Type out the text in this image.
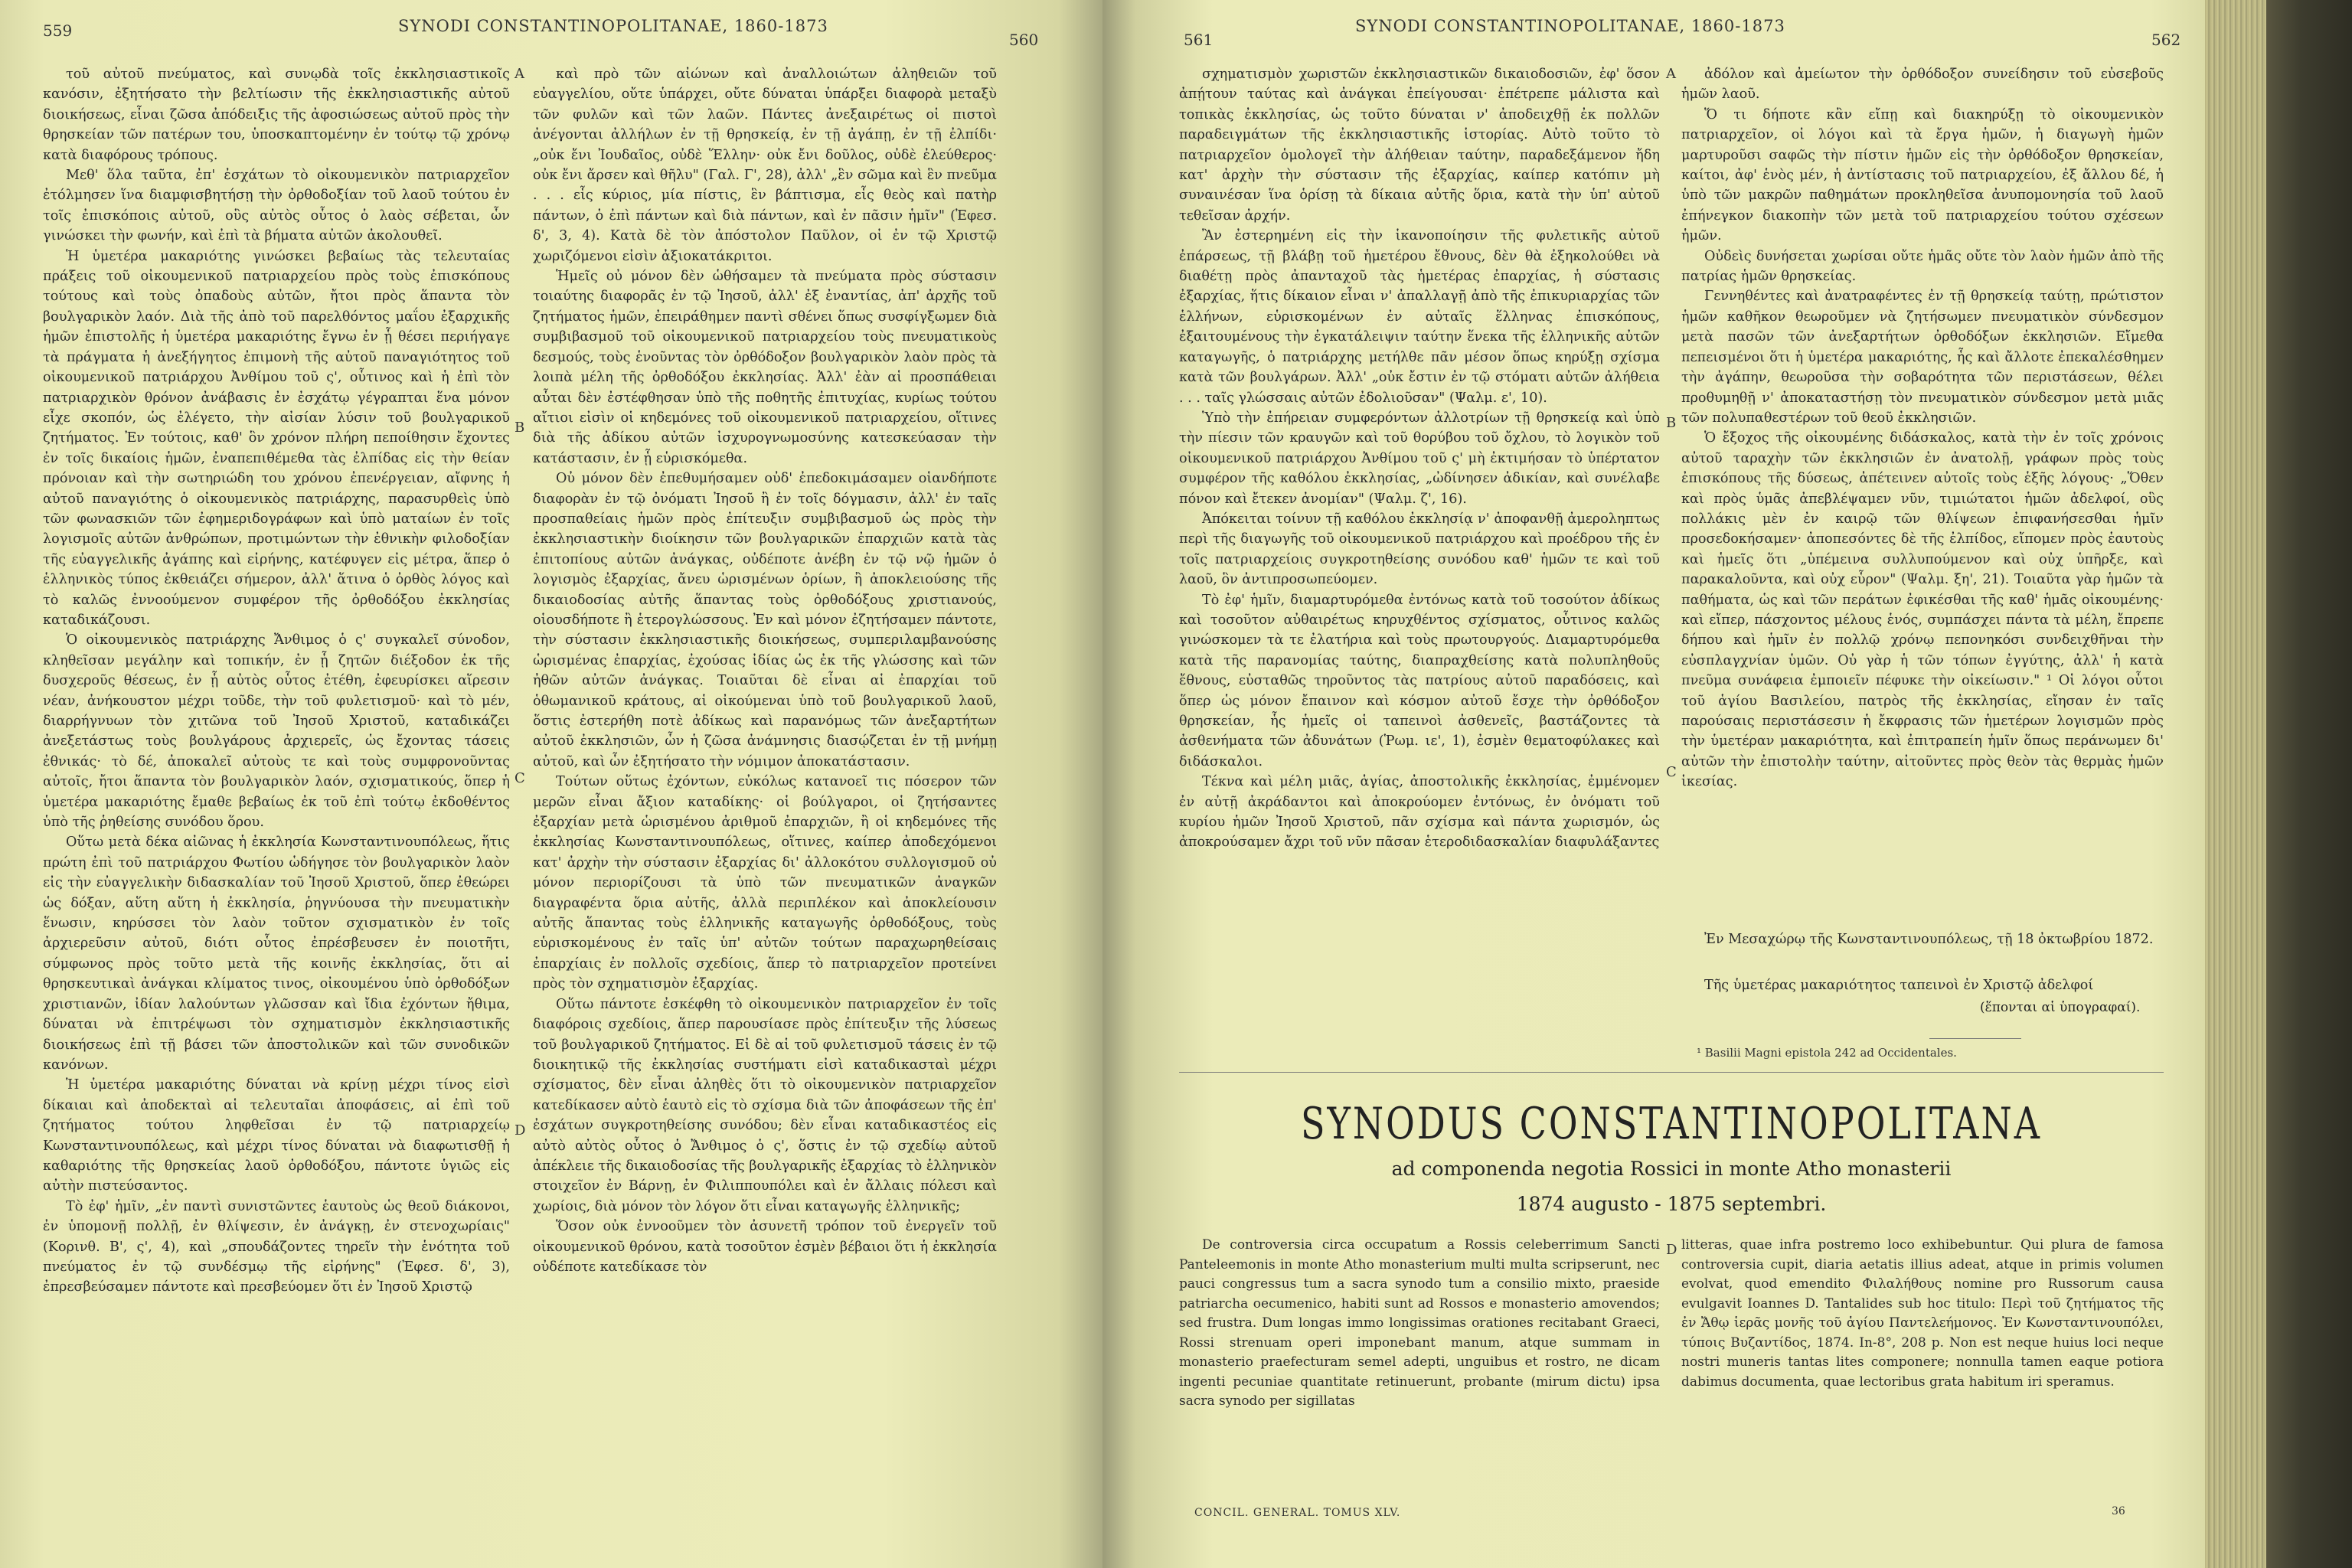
559	SYNODI CONSTANTINOPOLITANAE, 1860-1873
560

τοῦ αὐτοῦ πνεύματος, καὶ συνῳδὰ τοῖς ἐκκλησιαστικοῖς κανόσιν, ἐξητήσατο τὴν βελτίωσιν τῆς ἐκκλησιαστικῆς αὐτοῦ διοικήσεως, εἶναι ζῶσα ἀπόδειξις τῆς ἀφοσιώσεως αὐτοῦ πρὸς τὴν θρησκείαν τῶν πατέρων του, ὑποσκαπτομένην ἐν τούτῳ τῷ χρόνῳ κατὰ διαφόρους τρόπους.

Μεθ' ὅλα ταῦτα, ἐπ' ἐσχάτων τὸ οἰκουμενικὸν πατριαρχεῖον ἐτόλμησεν ἵνα διαμφισβητήσῃ τὴν ὀρθοδοξίαν τοῦ λαοῦ τούτου ἐν τοῖς ἐπισκόποις αὐτοῦ, οὓς αὐτὸς οὗτος ὁ λαὸς σέβεται, ὧν γινώσκει τὴν φωνήν, καὶ ἐπὶ τὰ βήματα αὐτῶν ἀκολουθεῖ.

Ἡ ὑμετέρα μακαριότης γινώσκει βεβαίως τὰς τελευταίας πράξεις τοῦ οἰκουμενικοῦ πατριαρχείου πρὸς τοὺς ἐπισκόπους τούτους καὶ τοὺς ὀπαδοὺς αὐτῶν, ἤτοι πρὸς ἅπαντα τὸν βουλγαρικὸν λαόν. Διὰ τῆς ἀπὸ τοῦ παρελθόντος μαΐου ἐξαρχικῆς ἡμῶν ἐπιστολῆς ἡ ὑμετέρα μακαριότης ἔγνω ἐν ᾗ θέσει περιήγαγε τὰ πράγματα ἡ ἀνεξήγητος ἐπιμονὴ τῆς αὐτοῦ παναγιότητος τοῦ οἰκουμενικοῦ πατριάρχου Ἀνθίμου τοῦ ς', οὗτινος καὶ ἡ ἐπὶ τὸν πατριαρχικὸν θρόνον ἀνάβασις ἐν ἐσχάτῳ γέγραπται ἕνα μόνον εἶχε σκοπόν, ὡς ἐλέγετο, τὴν αἰσίαν λύσιν τοῦ βουλγαρικοῦ ζητήματος. Ἐν τούτοις, καθ' ὃν χρόνον πλήρη πεποίθησιν ἔχοντες ἐν τοῖς δικαίοις ἡμῶν, ἐναπεπιθέμεθα τὰς ἐλπίδας εἰς τὴν θείαν πρόνοιαν καὶ τὴν σωτηριώδη του χρόνου ἐπενέργειαν, αἴφνης ἡ αὐτοῦ παναγιότης ὁ οἰκουμενικὸς πατριάρχης, παρασυρθεὶς ὑπὸ τῶν φωνασκιῶν τῶν ἐφημεριδογράφων καὶ ὑπὸ ματαίων ἐν τοῖς λογισμοῖς αὐτῶν ἀνθρώπων, προτιμώντων τὴν ἐθνικὴν φιλοδοξίαν τῆς εὐαγγελικῆς ἀγάπης καὶ εἰρήνης, κατέφυγεν εἰς μέτρα, ἅπερ ὁ ἑλληνικὸς τύπος ἐκθειάζει σήμερον, ἀλλ' ἅτινα ὁ ὀρθὸς λόγος καὶ τὸ καλῶς ἐννοούμενον συμφέρον τῆς ὀρθοδόξου ἐκκλησίας καταδικάζουσι.

Ὁ οἰκουμενικὸς πατριάρχης Ἄνθιμος ὁ ς' συγκαλεῖ σύνοδον, κληθεῖσαν μεγάλην καὶ τοπικήν, ἐν ᾗ ζητῶν διέξοδον ἐκ τῆς δυσχεροῦς θέσεως, ἐν ᾗ αὐτὸς οὗτος ἐτέθη, ἐφευρίσκει αἵρεσιν νέαν, ἀνήκουστον μέχρι τοῦδε, τὴν τοῦ φυλετισμοῦ· καὶ τὸ μέν, διαρρήγνυων τὸν χιτῶνα τοῦ Ἰησοῦ Χριστοῦ, καταδικάζει ἀνεξετάστως τοὺς βουλγάρους ἀρχιερεῖς, ὡς ἔχοντας τάσεις ἐθνικάς· τὸ δέ, ἀποκαλεῖ αὐτοὺς τε καὶ τοὺς συμφρονοῦντας αὐτοῖς, ἤτοι ἅπαντα τὸν βουλγαρικὸν λαόν, σχισματικούς, ὅπερ ἡ ὑμετέρα μακαριότης ἔμαθε βεβαίως ἐκ τοῦ ἐπὶ τούτῳ ἐκδοθέντος ὑπὸ τῆς ῥηθείσης συνόδου ὅρου.

Οὕτω μετὰ δέκα αἰῶνας ἡ ἐκκλησία Κωνσταντινουπόλεως, ἥτις πρώτη ἐπὶ τοῦ πατριάρχου Φωτίου ὡδήγησε τὸν βουλγαρικὸν λαὸν εἰς τὴν εὐαγγελικὴν διδασκαλίαν τοῦ Ἰησοῦ Χριστοῦ, ὅπερ ἐθεώρει ὡς δόξαν, αὕτη αὕτη ἡ ἐκκλησία, ῥηγνύουσα τὴν πνευματικὴν ἕνωσιν, κηρύσσει τὸν λαὸν τοῦτον σχισματικὸν ἐν τοῖς ἀρχιερεῦσιν αὐτοῦ, διότι οὗτος ἐπρέσβευσεν ἐν ποιοτῆτι, σύμφωνος πρὸς τοῦτο μετὰ τῆς κοινῆς ἐκκλησίας, ὅτι αἱ θρησκευτικαὶ ἀνάγκαι κλίματος τινος, οἰκουμένου ὑπὸ ὀρθοδόξων χριστιανῶν, ἰδίαν λαλούντων γλῶσσαν καὶ ἴδια ἐχόντων ἤθιμα, δύναται νὰ ἐπιτρέψωσι τὸν σχηματισμὸν ἐκκλησιαστικῆς διοικήσεως ἐπὶ τῇ βάσει τῶν ἀποστολικῶν καὶ τῶν συνοδικῶν κανόνων.

Ἡ ὑμετέρα μακαριότης δύναται νὰ κρίνῃ μέχρι τίνος εἰσὶ δίκαιαι καὶ ἀποδεκταὶ αἱ τελευταῖαι ἀποφάσεις, αἱ ἐπὶ τοῦ ζητήματος τούτου ληφθεῖσαι ἐν τῷ πατριαρχείῳ Κωνσταντινουπόλεως, καὶ μέχρι τίνος δύναται νὰ διαφωτισθῇ ἡ καθαριότης τῆς θρησκείας λαοῦ ὀρθοδόξου, πάντοτε ὑγιῶς εἰς αὐτὴν πιστεύσαντος.

Τὸ ἐφ' ἡμῖν, „ἐν παντὶ συνιστῶντες ἑαυτοὺς ὡς θεοῦ διάκονοι, ἐν ὑπομονῇ πολλῇ, ἐν θλίψεσιν, ἐν ἀνάγκῃ, ἐν στενοχωρίαις" (Κορινθ. Β', ς', 4), καὶ „σπουδάζοντες τηρεῖν τὴν ἑνότητα τοῦ πνεύματος ἐν τῷ συνδέσμῳ τῆς εἰρήνης" (Ἐφεσ. δ', 3), ἐπρεσβεύσαμεν πάντοτε καὶ πρεσβεύομεν ὅτι ἐν Ἰησοῦ Χριστῷ

A
B
C
D

καὶ πρὸ τῶν αἰώνων καὶ ἀναλλοιώτων ἀληθειῶν τοῦ εὐαγγελίου, οὔτε ὑπάρχει, οὔτε δύναται ὑπάρξει διαφορὰ μεταξὺ τῶν φυλῶν καὶ τῶν λαῶν. Πάντες ἀνεξαιρέτως οἱ πιστοὶ ἀνέγονται ἀλλήλων ἐν τῇ θρησκείᾳ, ἐν τῇ ἀγάπῃ, ἐν τῇ ἐλπίδι· „οὐκ ἔνι Ἰουδαῖος, οὐδὲ Ἕλλην· οὐκ ἔνι δοῦλος, οὐδὲ ἐλεύθερος· οὐκ ἔνι ἄρσεν καὶ θῆλυ" (Γαλ. Γ', 28), ἀλλ' „ἓν σῶμα καὶ ἓν πνεῦμα . . . εἷς κύριος, μία πίστις, ἓν βάπτισμα, εἷς θεὸς καὶ πατὴρ πάντων, ὁ ἐπὶ πάντων καὶ διὰ πάντων, καὶ ἐν πᾶσιν ἡμῖν" (Ἐφεσ. δ', 3, 4). Κατὰ δὲ τὸν ἀπόστολον Παῦλον, οἱ ἐν τῷ Χριστῷ χωριζόμενοι εἰσὶν ἀξιοκατάκριτοι.

Ἡμεῖς οὐ μόνον δὲν ὡθήσαμεν τὰ πνεύματα πρὸς σύστασιν τοιαύτης διαφορᾶς ἐν τῷ Ἰησοῦ, ἀλλ' ἐξ ἐναντίας, ἀπ' ἀρχῆς τοῦ ζητήματος ἡμῶν, ἐπειράθημεν παντὶ σθένει ὅπως συσφίγξωμεν διὰ συμβιβασμοῦ τοῦ οἰκουμενικοῦ πατριαρχείου τοὺς πνευματικοὺς δεσμούς, τοὺς ἑνοῦντας τὸν ὀρθόδοξον βουλγαρικὸν λαὸν πρὸς τὰ λοιπὰ μέλη τῆς ὀρθοδόξου ἐκκλησίας. Ἀλλ' ἐὰν αἱ προσπάθειαι αὗται δὲν ἐστέφθησαν ὑπὸ τῆς ποθητῆς ἐπιτυχίας, κυρίως τούτου αἴτιοι εἰσὶν οἱ κηδεμόνες τοῦ οἰκουμενικοῦ πατριαρχείου, οἵτινες διὰ τῆς ἀδίκου αὐτῶν ἰσχυρογνωμοσύνης κατεσκεύασαν τὴν κατάστασιν, ἐν ᾗ εὑρισκόμεθα.

Οὐ μόνον δὲν ἐπεθυμήσαμεν οὐδ' ἐπεδοκιμάσαμεν οἱανδήποτε διαφορὰν ἐν τῷ ὀνόματι Ἰησοῦ ἢ ἐν τοῖς δόγμασιν, ἀλλ' ἐν ταῖς προσπαθείαις ἡμῶν πρὸς ἐπίτευξιν συμβιβασμοῦ ὡς πρὸς τὴν ἐκκλησιαστικὴν διοίκησιν τῶν βουλγαρικῶν ἐπαρχιῶν κατὰ τὰς ἐπιτοπίους αὐτῶν ἀνάγκας, οὐδέποτε ἀνέβη ἐν τῷ νῷ ἡμῶν ὁ λογισμὸς ἐξαρχίας, ἄνευ ὡρισμένων ὁρίων, ἢ ἀποκλειούσης τῆς δικαιοδοσίας αὐτῆς ἅπαντας τοὺς ὀρθοδόξους χριστιανούς, οἱουσδήποτε ἢ ἑτερογλώσσους. Ἐν καὶ μόνον ἐζητήσαμεν πάντοτε, τὴν σύστασιν ἐκκλησιαστικῆς διοικήσεως, συμπεριλαμβανούσης ὡρισμένας ἐπαρχίας, ἐχούσας ἰδίας ὡς ἐκ τῆς γλώσσης καὶ τῶν ἠθῶν αὐτῶν ἀνάγκας. Τοιαῦται δὲ εἶναι αἱ ἐπαρχίαι τοῦ ὁθωμανικοῦ κράτους, αἱ οἰκούμεναι ὑπὸ τοῦ βουλγαρικοῦ λαοῦ, ὅστις ἐστερήθη ποτὲ ἀδίκως καὶ παρανόμως τῶν ἀνεξαρτήτων αὐτοῦ ἐκκλησιῶν, ὧν ἡ ζῶσα ἀνάμνησις διασῴζεται ἐν τῇ μνήμῃ αὐτοῦ, καὶ ὧν ἐξητήσατο τὴν νόμιμον ἀποκατάστασιν.

Τούτων οὕτως ἐχόντων, εὐκόλως κατανοεῖ τις πόσερον τῶν μερῶν εἶναι ἄξιον καταδίκης· οἱ βούλγαροι, οἱ ζητήσαντες ἐξαρχίαν μετὰ ὡρισμένου ἀριθμοῦ ἐπαρχιῶν, ἢ οἱ κηδεμόνες τῆς ἐκκλησίας Κωνσταντινουπόλεως, οἵτινες, καίπερ ἀποδεχόμενοι κατ' ἀρχὴν τὴν σύστασιν ἐξαρχίας δι' ἀλλοκότου συλλογισμοῦ οὐ μόνον περιορίζουσι τὰ ὑπὸ τῶν πνευματικῶν ἀναγκῶν διαγραφέντα ὅρια αὐτῆς, ἀλλὰ περιπλέκον καὶ ἀποκλείουσιν αὐτῆς ἅπαντας τοὺς ἑλληνικῆς καταγωγῆς ὀρθοδόξους, τοὺς εὑρισκομένους ἐν ταῖς ὑπ' αὐτῶν τούτων παραχωρηθείσαις ἐπαρχίαις ἐν πολλοῖς σχεδίοις, ἅπερ τὸ πατριαρχεῖον προτείνει πρὸς τὸν σχηματισμὸν ἐξαρχίας.

Οὕτω πάντοτε ἐσκέφθη τὸ οἰκουμενικὸν πατριαρχεῖον ἐν τοῖς διαφόροις σχεδίοις, ἅπερ παρουσίασε πρὸς ἐπίτευξιν τῆς λύσεως τοῦ βουλγαρικοῦ ζητήματος. Εἰ δὲ αἱ τοῦ φυλετισμοῦ τάσεις ἐν τῷ διοικητικῷ τῆς ἐκκλησίας συστήματι εἰσὶ καταδικασταὶ μέχρι σχίσματος, δὲν εἶναι ἀληθὲς ὅτι τὸ οἰκουμενικὸν πατριαρχεῖον κατεδίκασεν αὐτὸ ἑαυτὸ εἰς τὸ σχίσμα διὰ τῶν ἀποφάσεων τῆς ἐπ' ἐσχάτων συγκροτηθείσης συνόδου; δὲν εἶναι καταδικαστέος εἰς αὐτὸ αὐτὸς οὗτος ὁ Ἄνθιμος ὁ ς', ὅστις ἐν τῷ σχεδίῳ αὐτοῦ ἀπέκλειε τῆς δικαιοδοσίας τῆς βουλγαρικῆς ἐξαρχίας τὸ ἑλληνικὸν στοιχεῖον ἐν Βάρνῃ, ἐν Φιλιππουπόλει καὶ ἐν ἄλλαις πόλεσι καὶ χωρίοις, διὰ μόνον τὸν λόγον ὅτι εἶναι καταγωγῆς ἑλληνικῆς;

Ὅσον οὐκ ἐννοοῦμεν τὸν ἀσυνετῆ τρόπον τοῦ ἐνεργεῖν τοῦ οἰκουμενικοῦ θρόνου, κατὰ τοσοῦτον ἐσμὲν βέβαιοι ὅτι ἡ ἐκκλησία οὐδέποτε κατεδίκασε τὸν

561
SYNODI CONSTANTINOPOLITANAE, 1860-1873
562

σχηματισμὸν χωριστῶν ἐκκλησιαστικῶν δικαιοδοσιῶν, ἐφ' ὅσον ἀπῄτουν ταύτας καὶ ἀνάγκαι ἐπείγουσαι· ἐπέτρεπε μάλιστα καὶ τοπικὰς ἐκκλησίας, ὡς τοῦτο δύναται ν' ἀποδειχθῇ ἐκ πολλῶν παραδειγμάτων τῆς ἐκκλησιαστικῆς ἱστορίας. Αὐτὸ τοῦτο τὸ πατριαρχεῖον ὁμολογεῖ τὴν ἀλήθειαν ταύτην, παραδεξάμενον ἤδη κατ' ἀρχὴν τὴν σύστασιν τῆς ἐξαρχίας, καίπερ κατόπιν μὴ συναινέσαν ἵνα ὁρίσῃ τὰ δίκαια αὐτῆς ὅρια, κατὰ τὴν ὑπ' αὐτοῦ τεθεῖσαν ἀρχήν.

Ἂν ἐστερημένη εἰς τὴν ἱκανοποίησιν τῆς φυλετικῆς αὐτοῦ ἐπάρσεως, τῇ βλάβῃ τοῦ ἡμετέρου ἔθνους, δὲν θὰ ἐξηκολούθει νὰ διαθέτῃ πρὸς ἀπανταχοῦ τὰς ἡμετέρας ἐπαρχίας, ἡ σύστασις ἐξαρχίας, ἥτις δίκαιον εἶναι ν' ἀπαλλαγῇ ἀπὸ τῆς ἐπικυριαρχίας τῶν ἑλλήνων, εὑρισκομένων ἐν αὐταῖς ἕλληνας ἐπισκόπους, ἐξαιτουμένους τὴν ἐγκατάλειψιν ταύτην ἕνεκα τῆς ἑλληνικῆς αὐτῶν καταγωγῆς, ὁ πατριάρχης μετήλθε πᾶν μέσον ὅπως κηρύξῃ σχίσμα κατὰ τῶν βουλγάρων. Ἀλλ' „οὐκ ἔστιν ἐν τῷ στόματι αὐτῶν ἀλήθεια . . . ταῖς γλώσσαις αὐτῶν ἐδολιοῦσαν" (Ψαλμ. ε', 10).

Ὑπὸ τὴν ἐπήρειαν συμφερόντων ἀλλοτρίων τῇ θρησκείᾳ καὶ ὑπὸ τὴν πίεσιν τῶν κραυγῶν καὶ τοῦ θορύβου τοῦ ὄχλου, τὸ λογικὸν τοῦ οἰκουμενικοῦ πατριάρχου Ἀνθίμου τοῦ ς' μὴ ἐκτιμήσαν τὸ ὑπέρτατον συμφέρον τῆς καθόλου ἐκκλησίας, „ὠδίνησεν ἀδικίαν, καὶ συνέλαβε πόνον καὶ ἔτεκεν ἀνομίαν" (Ψαλμ. ζ', 16).

Ἀπόκειται τοίνυν τῇ καθόλου ἐκκλησίᾳ ν' ἀποφανθῇ ἀμεροληπτως περὶ τῆς διαγωγῆς τοῦ οἰκουμενικοῦ πατριάρχου καὶ προέδρου τῆς ἐν τοῖς πατριαρχείοις συγκροτηθείσης συνόδου καθ' ἡμῶν τε καὶ τοῦ λαοῦ, ὃν ἀντιπροσωπεύομεν.

Τὸ ἐφ' ἡμῖν, διαμαρτυρόμεθα ἐντόνως κατὰ τοῦ τοσούτον ἀδίκως καὶ τοσοῦτον αὐθαιρέτως κηρυχθέντος σχίσματος, οὗτινος καλῶς γινώσκομεν τὰ τε ἐλατήρια καὶ τοὺς πρωτουργούς. Διαμαρτυρόμεθα κατὰ τῆς παρανομίας ταύτης, διαπραχθείσης κατὰ πολυπληθοῦς ἔθνους, εὐσταθῶς τηροῦντος τὰς πατρίους αὐτοῦ παραδόσεις, καὶ ὅπερ ὡς μόνον ἔπαινον καὶ κόσμον αὐτοῦ ἔσχε τὴν ὀρθόδοξον θρησκείαν, ἧς ἡμεῖς οἱ ταπεινοὶ ἀσθενεῖς, βαστάζοντες τὰ ἀσθενήματα τῶν ἀδυνάτων (Ῥωμ. ιε', 1), ἐσμὲν θεματοφύλακες καὶ διδάσκαλοι.

Τέκνα καὶ μέλη μιᾶς, ἁγίας, ἀποστολικῆς ἐκκλησίας, ἐμμένομεν ἐν αὐτῇ ἀκράδαντοι καὶ ἀποκρούομεν ἐντόνως, ἐν ὀνόματι τοῦ κυρίου ἡμῶν Ἰησοῦ Χριστοῦ, πᾶν σχίσμα καὶ πάντα χωρισμόν, ὡς ἀποκρούσαμεν ἄχρι τοῦ νῦν πᾶσαν ἑτεροδιδασκαλίαν διαφυλάξαντες

A
B
C
D

ἀδόλον καὶ ἀμείωτον τὴν ὀρθόδοξον συνείδησιν τοῦ εὐσεβοῦς ἡμῶν λαοῦ.

Ὅ τι δήποτε κἂν εἴπῃ καὶ διακηρύξῃ τὸ οἰκουμενικὸν πατριαρχεῖον, οἱ λόγοι καὶ τὰ ἔργα ἡμῶν, ἡ διαγωγὴ ἡμῶν μαρτυροῦσι σαφῶς τὴν πίστιν ἡμῶν εἰς τὴν ὀρθόδοξον θρησκείαν, καίτοι, ἀφ' ἑνὸς μέν, ἡ ἀντίστασις τοῦ πατριαρχείου, ἐξ ἄλλου δέ, ἡ ὑπὸ τῶν μακρῶν παθημάτων προκληθεῖσα ἀνυπομονησία τοῦ λαοῦ ἐπήνεγκον διακοπὴν τῶν μετὰ τοῦ πατριαρχείου τούτου σχέσεων ἡμῶν.

Οὐδεὶς δυνήσεται χωρίσαι οὔτε ἡμᾶς οὔτε τὸν λαὸν ἡμῶν ἀπὸ τῆς πατρίας ἡμῶν θρησκείας.

Γεννηθέντες καὶ ἀνατραφέντες ἐν τῇ θρησκείᾳ ταύτῃ, πρώτιστον ἡμῶν καθῆκον θεωροῦμεν νὰ ζητήσωμεν πνευματικὸν σύνδεσμον μετὰ πασῶν τῶν ἀνεξαρτήτων ὀρθοδόξων ἐκκλησιῶν. Εἴμεθα πεπεισμένοι ὅτι ἡ ὑμετέρα μακαριότης, ἧς καὶ ἄλλοτε ἐπεκαλέσθημεν τὴν ἀγάπην, θεωροῦσα τὴν σοβαρότητα τῶν περιστάσεων, θέλει προθυμηθῇ ν' ἀποκαταστήσῃ τὸν πνευματικὸν σύνδεσμον μετὰ μιᾶς τῶν πολυπαθεστέρων τοῦ θεοῦ ἐκκλησιῶν.

Ὁ ἔξοχος τῆς οἰκουμένης διδάσκαλος, κατὰ τὴν ἐν τοῖς χρόνοις αὐτοῦ ταραχὴν τῶν ἐκκλησιῶν ἐν ἀνατολῇ, γράφων πρὸς τοὺς ἐπισκόπους τῆς δύσεως, ἀπέτεινεν αὐτοῖς τοὺς ἑξῆς λόγους· „Ὅθεν καὶ πρὸς ὑμᾶς ἀπεβλέψαμεν νῦν, τιμιώτατοι ἡμῶν ἀδελφοί, οὓς πολλάκις μὲν ἐν καιρῷ τῶν θλίψεων ἐπιφανήσεσθαι ἡμῖν προσεδοκήσαμεν· ἀποπεσόντες δὲ τῆς ἐλπίδος, εἴπομεν πρὸς ἑαυτοὺς καὶ ἡμεῖς ὅτι „ὑπέμεινα συλλυπούμενον καὶ οὐχ ὑπῆρξε, καὶ παρακαλοῦντα, καὶ οὐχ εὗρον" (Ψαλμ. ξη', 21). Τοιαῦτα γὰρ ἡμῶν τὰ παθήματα, ὡς καὶ τῶν περάτων ἐφικέσθαι τῆς καθ' ἡμᾶς οἰκουμένης· καὶ εἴπερ, πάσχοντος μέλους ἑνός, συμπάσχει πάντα τὰ μέλη, ἔπρεπε δήπου καὶ ἡμῖν ἐν πολλῷ χρόνῳ πεπονηκόσι συνδειχθῆναι τὴν εὐσπλαγχνίαν ὑμῶν. Οὐ γὰρ ἡ τῶν τόπων ἐγγύτης, ἀλλ' ἡ κατὰ πνεῦμα συνάφεια ἐμποιεῖν πέφυκε τὴν οἰκείωσιν." ¹ Οἱ λόγοι οὗτοι τοῦ ἁγίου Βασιλείου, πατρὸς τῆς ἐκκλησίας, εἴησαν ἐν ταῖς παρούσαις περιστάσεσιν ἡ ἔκφρασις τῶν ἡμετέρων λογισμῶν πρὸς τὴν ὑμετέραν μακαριότητα, καὶ ἐπιτραπείη ἡμῖν ὅπως περάνωμεν δι' αὐτῶν τὴν ἐπιστολὴν ταύτην, αἰτοῦντες πρὸς θεὸν τὰς θερμὰς ἡμῶν ἱκεσίας.

Ἐν Μεσαχώρῳ τῆς Κωνσταντινουπόλεως, τῇ 18 ὀκτωβρίου 1872.

Τῆς ὑμετέρας μακαριότητος ταπεινοὶ ἐν Χριστῷ ἀδελφοί

(ἕπονται αἱ ὑπογραφαί).
¹ Basilii Magni epistola 242 ad Occidentales.
SYNODUS CONSTANTINOPOLITANA
ad componenda negotia Rossici in monte Atho monasterii
1874 augusto - 1875 septembri.

De controversia circa occupatum a Rossis celeberrimum Sancti Panteleemonis in monte Atho monasterium multi multa scripserunt, nec pauci congressus tum a sacra synodo tum a consilio mixto, praeside patriarcha oecumenico, habiti sunt ad Rossos e monasterio amovendos; sed frustra. Dum longas immo longissimas orationes recitabant Graeci, Rossi strenuam operi imponebant manum, atque summam in monasterio praefecturam semel adepti, unguibus et rostro, ne dicam ingenti pecuniae quantitate retinuerunt, probante (mirum dictu) ipsa sacra synodo per sigillatas

litteras, quae infra postremo loco exhibebuntur. Qui plura de famosa controversia cupit, diaria aetatis illius adeat, atque in primis volumen evolvat, quod emendito Φιλαλήθους nomine pro Russorum causa evulgavit Ioannes D. Tantalides sub hoc titulo: Περὶ τοῦ ζητήματος τῆς ἐν Ἄθῳ ἱερᾶς μονῆς τοῦ ἁγίου Παντελεήμονος. Ἐν Κωνσταντινουπόλει, τύποις Βυζαντίδος, 1874. In-8°, 208 p. Non est neque huius loci neque nostri muneris tantas lites componere; nonnulla tamen eaque potiora dabimus documenta, quae lectoribus grata habitum iri speramus.

CONCIL. GENERAL. TOMUS XLV.	36
